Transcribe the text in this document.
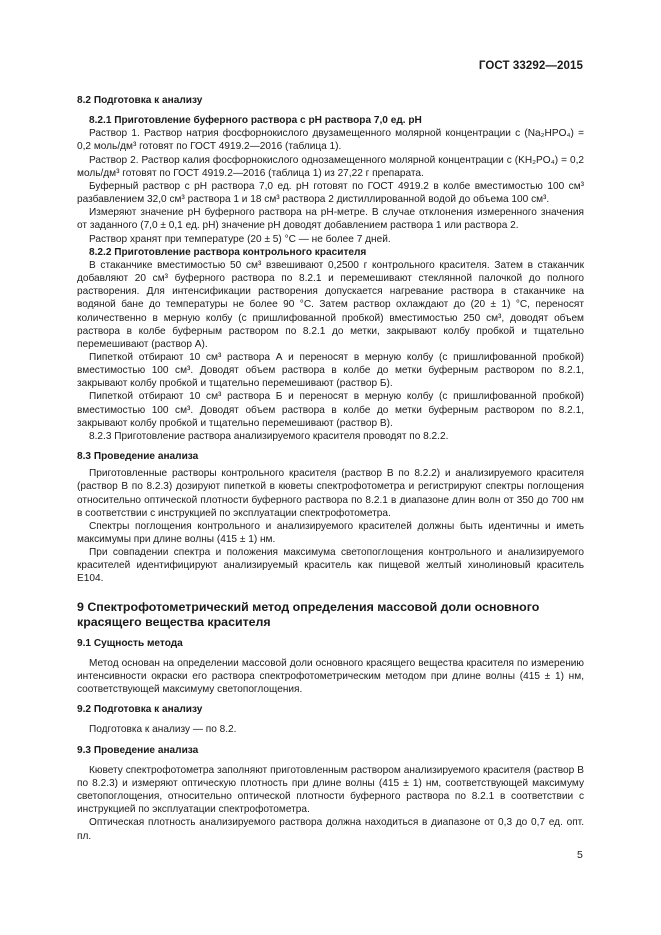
ГОСТ 33292—2015
8.2 Подготовка к анализу
8.2.1 Приготовление буферного раствора с рН раствора 7,0 ед. рН

Раствор 1. Раствор натрия фосфорнокислого двузамещенного молярной концентрации c (Na₂HPO₄) = 0,2 моль/дм³ готовят по ГОСТ 4919.2—2016 (таблица 1).

Раствор 2. Раствор калия фосфорнокислого однозамещенного молярной концентрации c (KH₂PO₄) = 0,2 моль/дм³ готовят по ГОСТ 4919.2—2016 (таблица 1) из 27,22 г препарата.

Буферный раствор с рН раствора 7,0 ед. рН готовят по ГОСТ 4919.2 в колбе вместимостью 100 см³ разбавлением 32,0 см³ раствора 1 и 18 см³ раствора 2 дистиллированной водой до объема 100 см³.

Измеряют значение рН буферного раствора на рН-метре. В случае отклонения измеренного значения от заданного (7,0 ± 0,1 ед. рН) значение рН доводят добавлением раствора 1 или раствора 2.

Раствор хранят при температуре (20 ± 5) °С — не более 7 дней.

8.2.2 Приготовление раствора контрольного красителя

В стаканчике вместимостью 50 см³ взвешивают 0,2500 г контрольного красителя. Затем в стаканчик добавляют 20 см³ буферного раствора по 8.2.1 и перемешивают стеклянной палочкой до полного растворения. Для интенсификации растворения допускается нагревание раствора в стаканчике на водяной бане до температуры не более 90 °С. Затем раствор охлаждают до (20 ± 1) °С, переносят количественно в мерную колбу (с пришлифованной пробкой) вместимостью 250 см³, доводят объем раствора в колбе буферным раствором по 8.2.1 до метки, закрывают колбу пробкой и тщательно перемешивают (раствор А).

Пипеткой отбирают 10 см³ раствора А и переносят в мерную колбу (с пришлифованной пробкой) вместимостью 100 см³. Доводят объем раствора в колбе до метки буферным раствором по 8.2.1, закрывают колбу пробкой и тщательно перемешивают (раствор Б).

Пипеткой отбирают 10 см³ раствора Б и переносят в мерную колбу (с пришлифованной пробкой) вместимостью 100 см³. Доводят объем раствора в колбе до метки буферным раствором по 8.2.1, закрывают колбу пробкой и тщательно перемешивают (раствор В).

8.2.3 Приготовление раствора анализируемого красителя проводят по 8.2.2.

8.3 Проведение анализа

Приготовленные растворы контрольного красителя (раствор В по 8.2.2) и анализируемого красителя (раствор В по 8.2.3) дозируют пипеткой в кюветы спектрофотометра и регистрируют спектры поглощения относительно оптической плотности буферного раствора по 8.2.1 в диапазоне длин волн от 350 до 700 нм в соответствии с инструкцией по эксплуатации спектрофотометра.

Спектры поглощения контрольного и анализируемого красителей должны быть идентичны и иметь максимумы при длине волны (415 ± 1) нм.

При совпадении спектра и положения максимума светопоглощения контрольного и анализируемого красителей идентифицируют анализируемый краситель как пищевой желтый хинолиновый краситель Е104.

9 Спектрофотометрический метод определения массовой доли основного красящего вещества красителя
9.1 Сущность метода

Метод основан на определении массовой доли основного красящего вещества красителя по измерению интенсивности окраски его раствора спектрофотометрическим методом при длине волны (415 ± 1) нм, соответствующей максимуму светопоглощения.

9.2 Подготовка к анализу

Подготовка к анализу — по 8.2.

9.3 Проведение анализа

Кювету спектрофотометра заполняют приготовленным раствором анализируемого красителя (раствор В по 8.2.3) и измеряют оптическую плотность при длине волны (415 ± 1) нм, соответствующей максимуму светопоглощения, относительно оптической плотности буферного раствора по 8.2.1 в соответствии с инструкцией по эксплуатации спектрофотометра.

Оптическая плотность анализируемого раствора должна находиться в диапазоне от 0,3 до 0,7 ед. опт. пл.

5
